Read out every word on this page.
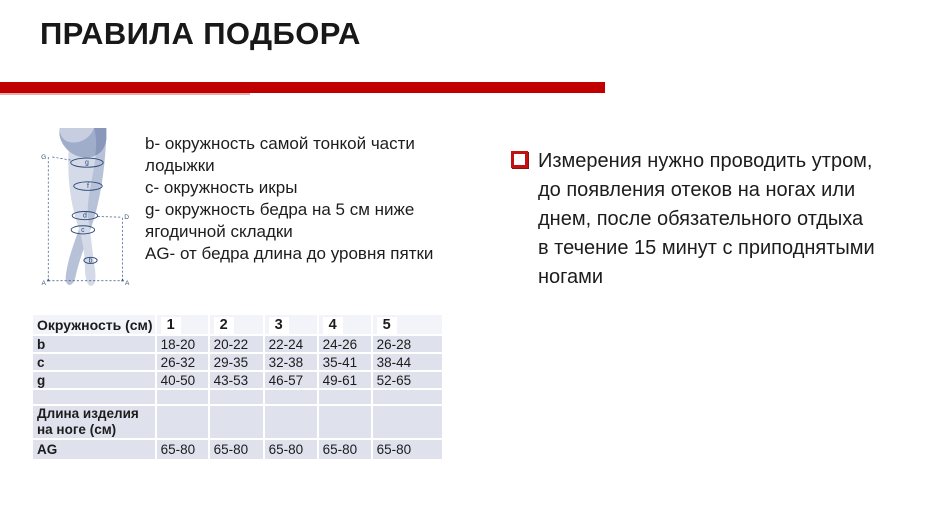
ПРАВИЛА ПОДБОРА
g
f
d
c
b
G
A
D
A

b- окружность самой тонкой части лодыжки

c- окружность икры

g- окружность бедра на 5 см ниже ягодичной складки

AG- от бедра длина до уровня пятки

Измерения нужно проводить утром, до появления отеков на ногах или днем, после обязательного отдыха в течение 15 минут с приподнятыми ногами

Окружность (см)	1	2	3	4	5
b	18-20	20-22	22-24	24-26	26-28
c	26-32	29-35	32-38	35-41	38-44
g	40-50	43-53	46-57	49-61	52-65

Длина изделия на ноге (см)					
AG	65-80	65-80	65-80	65-80	65-80
